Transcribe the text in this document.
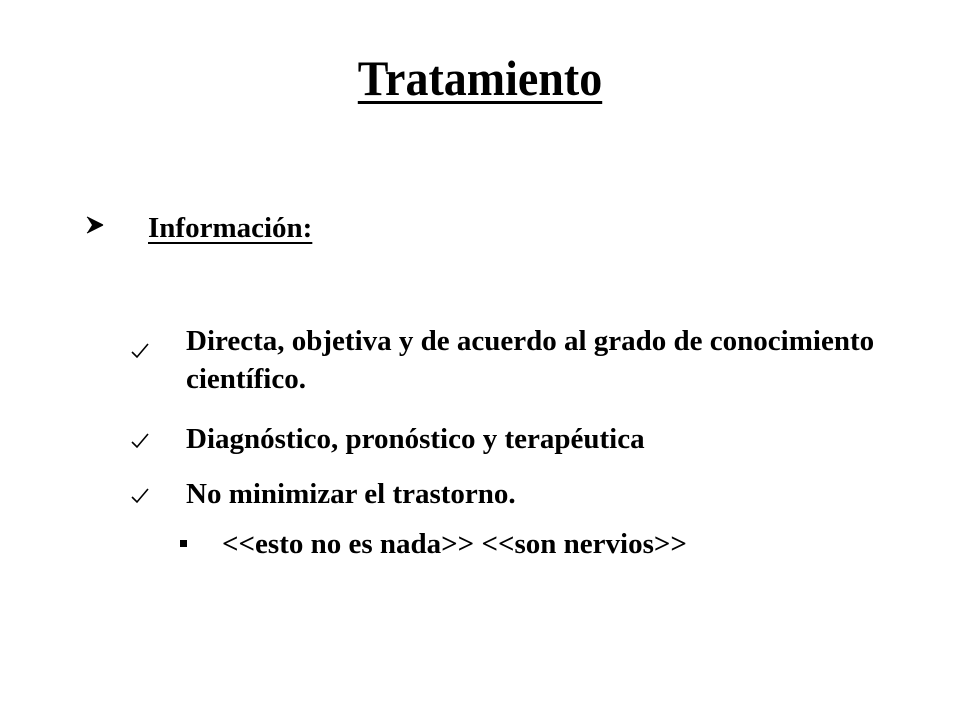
Tratamiento
Información:
Directa, objetiva y de acuerdo al grado de conocimiento científico.
Diagnóstico, pronóstico y terapéutica
No minimizar el trastorno.
<<esto no es nada>> <<son nervios>>
